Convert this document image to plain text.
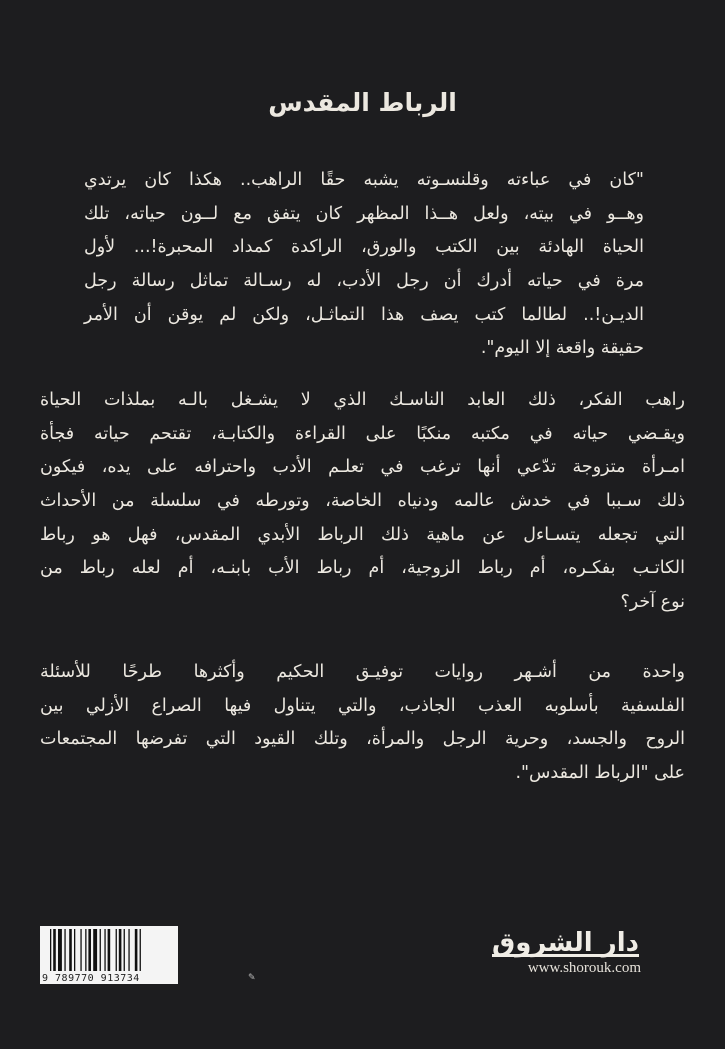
الرباط المقدس
"كان في عباءته وقلنسـوته يشبه حقًا الراهب.. هكذا كان يرتدي
وهــو في بيته، ولعل هــذا المظهر كان يتفق مع لــون حياته، تلك
الحياة الهادئة بين الكتب والورق، الراكدة كمداد المحبرة!... لأول
مرة في حياته أدرك أن رجل الأدب، له رسـالة تماثل رسالة رجل
الديـن!.. لطالما كتب يصف هذا التماثـل، ولكن لم يوقن أن الأمر
حقيقة واقعة إلا اليوم".
راهب الفكر، ذلك العابد الناسـك الذي لا يشـغل بالـه بملذات الحياة
ويقـضي حياته في مكتبه منكبًا على القراءة والكتابـة، تقتحم حياته فجأة
امـرأة متزوجة تدّعي أنها ترغب في تعلـم الأدب واحترافه على يده، فيكون
ذلك سـببا في خدش عالمه ودنياه الخاصة، وتورطه في سلسلة من الأحداث
التي تجعله يتسـاءل عن ماهية ذلك الرباط الأبدي المقدس، فهل هو رباط
الكاتـب بفكـره، أم رباط الزوجية، أم رباط الأب بابنـه، أم لعله رباط من
نوع آخر؟
واحدة من أشـهر روايات توفيـق الحكيم وأكثرها طرحًا للأسئلة
الفلسفية بأسلوبه العذب الجاذب، والتي يتناول فيها الصراع الأزلي بين
الروح والجسد، وحرية الرجل والمرأة، وتلك القيود التي تفرضها المجتمعات
على "الرباط المقدس".
9 789770 913734	✎
دار الشروق
www.shorouk.com
